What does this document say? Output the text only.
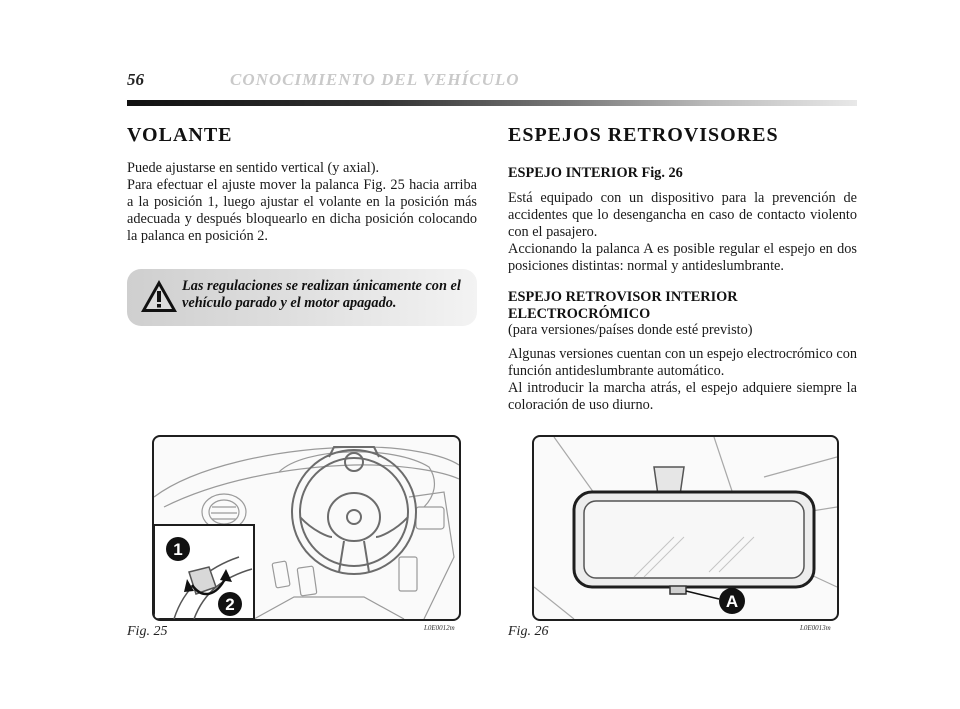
56	CONOCIMIENTO DEL VEHÍCULO
VOLANTE

Puede ajustarse en sentido vertical (y axial).

Para efectuar el ajuste mover la palanca Fig. 25 hacia arriba a la posición 1, luego ajustar el volante en la posición más adecuada y después bloquearlo en dicha posición colocando la palanca en posición 2.

Las regulaciones se realizan únicamente con el vehículo parado y el motor apagado.
ESPEJOS RETROVISORES
ESPEJO INTERIOR Fig. 26

Está equipado con un dispositivo para la prevención de accidentes que lo desengancha en caso de contacto violento con el pasajero.

Accionando la palanca A es posible regular el espejo en dos posiciones distintas: normal y antideslumbrante.

ESPEJO RETROVISOR INTERIOR ELECTROCRÓMICO
(para versiones/países donde esté previsto)

Algunas versiones cuentan con un espejo electrocrómico con función antideslumbrante automático.

Al introducir la marcha atrás, el espejo adquiere siempre la coloración de uso diurno.

1
2
Fig. 25	L0E0012m
A
Fig. 26	L0E0013m
